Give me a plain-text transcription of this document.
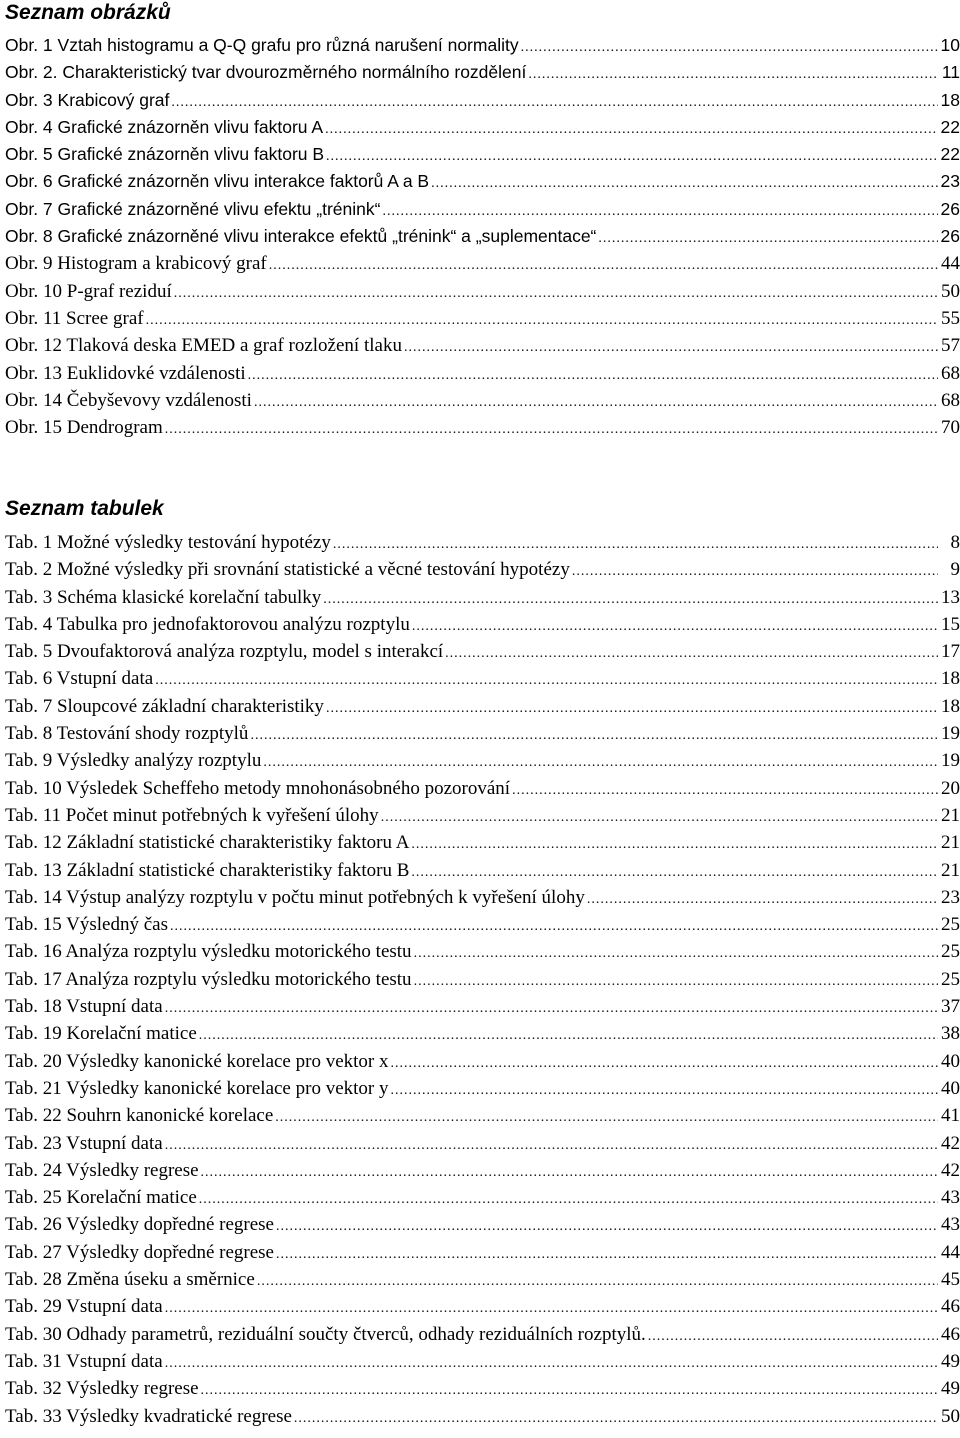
Seznam obrázků
Obr. 1 Vztah histogramu a Q-Q grafu pro různá narušení normality .....	10
Obr. 2. Charakteristický tvar dvourozměrného normálního rozdělení .....	11
Obr. 3 Krabicový graf .....	18
Obr. 4 Grafické znázorněn vlivu faktoru A .....	22
Obr. 5 Grafické znázorněn vlivu faktoru B .....	22
Obr. 6 Grafické znázorněn vlivu interakce faktorů A a B .....	23
Obr. 7 Grafické znázorněné vlivu efektu „trénink“ .....	26
Obr. 8 Grafické znázorněné vlivu interakce efektů „trénink“ a „suplementace“ .....	26
Obr. 9 Histogram a krabicový graf .....	44
Obr. 10 P-graf reziduí .....	50
Obr. 11 Scree graf .....	55
Obr. 12 Tlaková deska EMED a graf rozložení tlaku .....	57
Obr. 13 Euklidovké vzdálenosti .....	68
Obr. 14 Čebyševovy vzdálenosti .....	68
Obr. 15 Dendrogram .....	70
Seznam tabulek
Tab. 1 Možné výsledky testování hypotézy .....	8
Tab. 2 Možné výsledky při srovnání statistické a věcné testování hypotézy .....	9
Tab. 3 Schéma klasické korelační tabulky .....	13
Tab. 4 Tabulka pro jednofaktorovou analýzu rozptylu .....	15
Tab. 5 Dvoufaktorová analýza rozptylu, model s interakcí .....	17
Tab. 6 Vstupní data .....	18
Tab. 7 Sloupcové základní charakteristiky .....	18
Tab. 8 Testování shody rozptylů .....	19
Tab. 9 Výsledky analýzy rozptylu .....	19
Tab. 10 Výsledek Scheffeho metody mnohonásobného pozorování .....	20
Tab. 11 Počet minut potřebných k vyřešení úlohy .....	21
Tab. 12 Základní statistické charakteristiky faktoru A .....	21
Tab. 13 Základní statistické charakteristiky faktoru B .....	21
Tab. 14 Výstup analýzy rozptylu v počtu minut potřebných k vyřešení úlohy .....	23
Tab. 15 Výsledný čas .....	25
Tab. 16 Analýza rozptylu výsledku motorického testu .....	25
Tab. 17 Analýza rozptylu výsledku motorického testu .....	25
Tab. 18 Vstupní data .....	37
Tab. 19 Korelační matice .....	38
Tab. 20 Výsledky kanonické korelace pro vektor x .....	40
Tab. 21 Výsledky kanonické korelace pro vektor y .....	40
Tab. 22 Souhrn kanonické korelace .....	41
Tab. 23 Vstupní data .....	42
Tab. 24 Výsledky regrese .....	42
Tab. 25 Korelační matice .....	43
Tab. 26 Výsledky dopředné regrese .....	43
Tab. 27 Výsledky dopředné regrese .....	44
Tab. 28 Změna úseku a směrnice .....	45
Tab. 29 Vstupní data .....	46
Tab. 30 Odhady parametrů, reziduální součty čtverců, odhady reziduálních rozptylů. .....	46
Tab. 31 Vstupní data .....	49
Tab. 32 Výsledky regrese .....	49
Tab. 33 Výsledky kvadratické regrese .....	50
